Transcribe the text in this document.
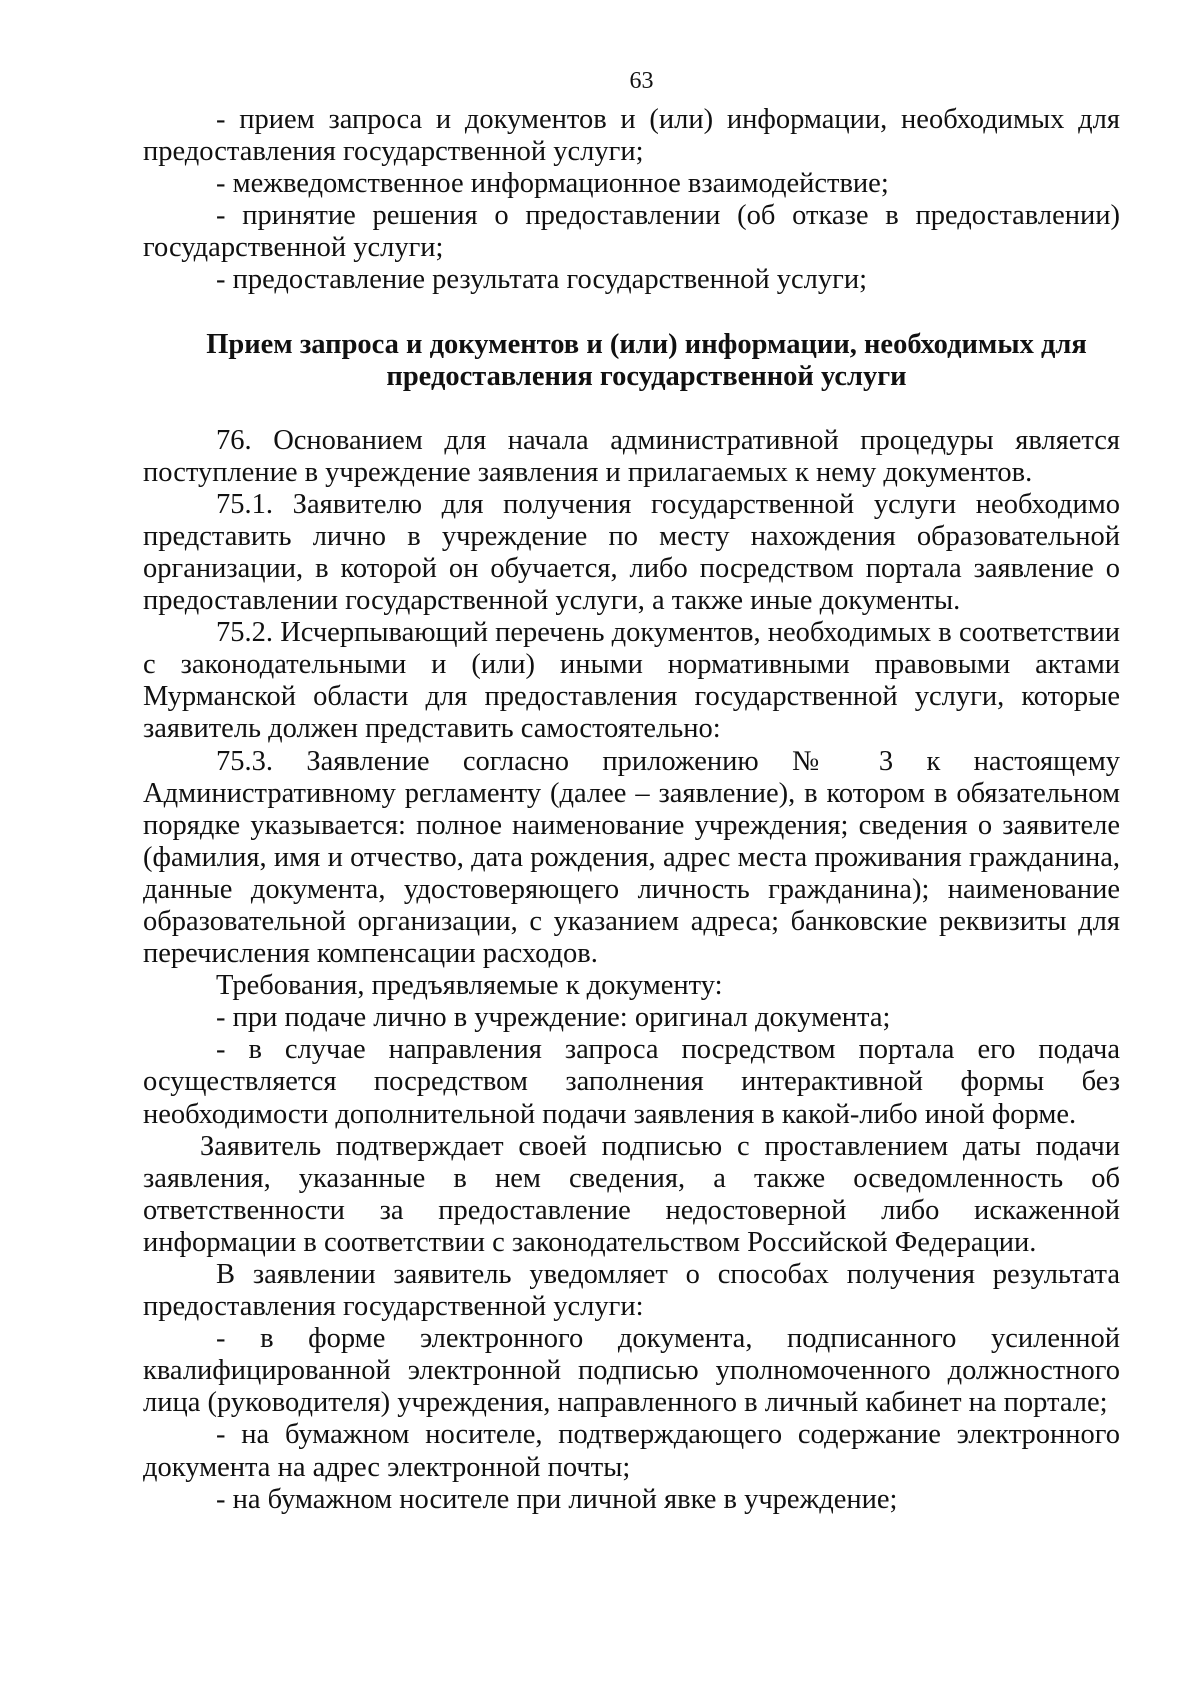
63

- прием запроса и документов и (или) информации, необходимых для предоставления государственной услуги;

- межведомственное информационное взаимодействие;

- принятие решения о предоставлении (об отказе в предоставлении) государственной услуги;

- предоставление результата государственной услуги;

Прием запроса и документов и (или) информации, необходимых для
предоставления государственной услуги

76. Основанием для начала административной процедуры является поступление в учреждение заявления и прилагаемых к нему документов.

75.1. Заявителю для получения государственной услуги необходимо представить лично в учреждение по месту нахождения образовательной организации, в которой он обучается, либо посредством портала заявление о предоставлении государственной услуги, а также иные документы.

75.2. Исчерпывающий перечень документов, необходимых в соответствии с законодательными и (или) иными нормативными правовыми актами Мурманской области для предоставления государственной услуги, которые заявитель должен представить самостоятельно:

75.3. Заявление согласно приложению № 3 к настоящему Административному регламенту (далее – заявление), в котором в обязательном порядке указывается: полное наименование учреждения; сведения о заявителе (фамилия, имя и отчество, дата рождения, адрес места проживания гражданина, данные документа, удостоверяющего личность гражданина); наименование образовательной организации, с указанием адреса; банковские реквизиты для перечисления компенсации расходов.

Требования, предъявляемые к документу:

- при подаче лично в учреждение: оригинал документа;

- в случае направления запроса посредством портала его подача осуществляется посредством заполнения интерактивной формы без необходимости дополнительной подачи заявления в какой-либо иной форме.

Заявитель подтверждает своей подписью с проставлением даты подачи заявления, указанные в нем сведения, а также осведомленность об ответственности за предоставление недостоверной либо искаженной информации в соответствии с законодательством Российской Федерации.

В заявлении заявитель уведомляет о способах получения результата предоставления государственной услуги:

- в форме электронного документа, подписанного усиленной квалифицированной электронной подписью уполномоченного должностного лица (руководителя) учреждения, направленного в личный кабинет на портале;

- на бумажном носителе, подтверждающего содержание электронного документа на адрес электронной почты;

- на бумажном носителе при личной явке в учреждение;
